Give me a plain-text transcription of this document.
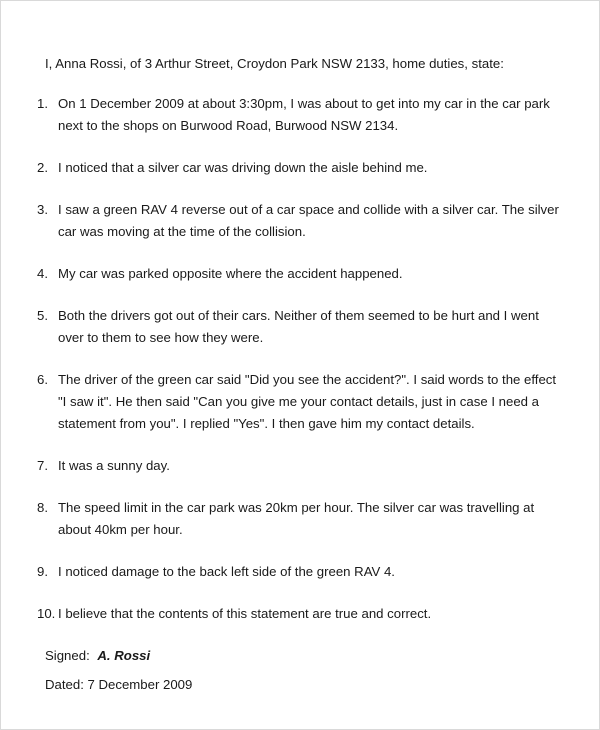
I, Anna Rossi, of 3 Arthur Street, Croydon Park NSW 2133, home duties, state:

1. On 1 December 2009 at about 3:30pm, I was about to get into my car in the car park next to the shops on Burwood Road, Burwood NSW 2134.
2. I noticed that a silver car was driving down the aisle behind me.
3. I saw a green RAV 4 reverse out of a car space and collide with a silver car. The silver car was moving at the time of the collision.
4. My car was parked opposite where the accident happened.
5. Both the drivers got out of their cars. Neither of them seemed to be hurt and I went over to them to see how they were.
6. The driver of the green car said "Did you see the accident?". I said words to the effect "I saw it". He then said "Can you give me your contact details, just in case I need a statement from you". I replied "Yes". I then gave him my contact details.
7. It was a sunny day.
8. The speed limit in the car park was 20km per hour. The silver car was travelling at about 40km per hour.
9. I noticed damage to the back left side of the green RAV 4.
10. I believe that the contents of this statement are true and correct.

Signed: A. Rossi

Dated: 7 December 2009
